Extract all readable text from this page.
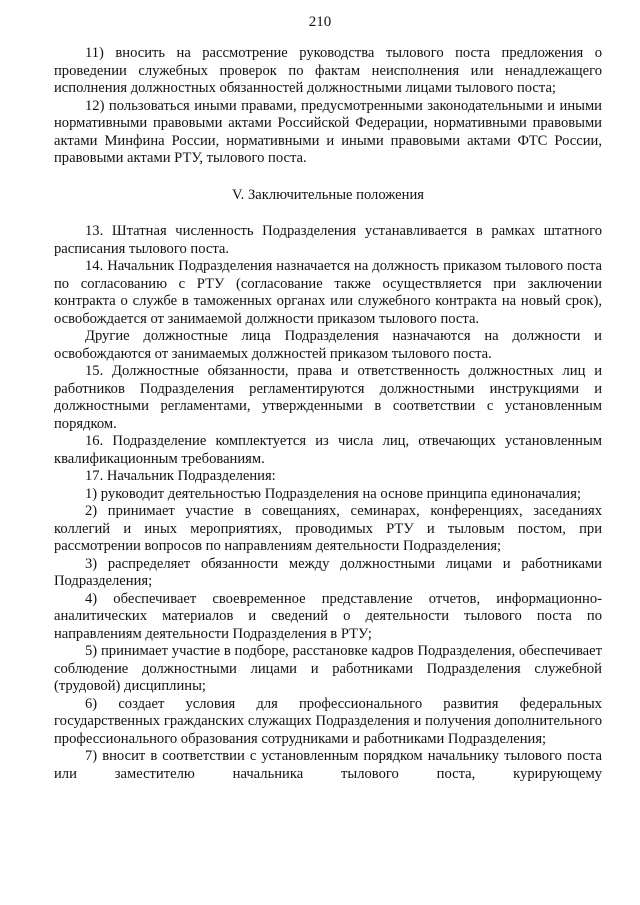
210

11) вносить на рассмотрение руководства тылового поста предложения о проведении служебных проверок по фактам неисполнения или ненадлежащего исполнения должностных обязанностей должностными лицами тылового поста;

12) пользоваться иными правами, предусмотренными законодательными и иными нормативными правовыми актами Российской Федерации, нормативными правовыми актами Минфина России, нормативными и иными правовыми актами ФТС России, правовыми актами РТУ, тылового поста.

V. Заключительные положения

13. Штатная численность Подразделения устанавливается в рамках штатного расписания тылового поста.

14. Начальник Подразделения назначается на должность приказом тылового поста по согласованию с РТУ (согласование также осуществляется при заключении контракта о службе в таможенных органах или служебного контракта на новый срок), освобождается от занимаемой должности приказом тылового поста.

Другие должностные лица Подразделения назначаются на должности и освобождаются от занимаемых должностей приказом тылового поста.

15. Должностные обязанности, права и ответственность должностных лиц и работников Подразделения регламентируются должностными инструкциями и должностными регламентами, утвержденными в соответствии с установленным порядком.

16. Подразделение комплектуется из числа лиц, отвечающих установленным квалификационным требованиям.

17. Начальник Подразделения:

1) руководит деятельностью Подразделения на основе принципа единоначалия;

2) принимает участие в совещаниях, семинарах, конференциях, заседаниях коллегий и иных мероприятиях, проводимых РТУ и тыловым постом, при рассмотрении вопросов по направлениям деятельности Подразделения;

3) распределяет обязанности между должностными лицами и работниками Подразделения;

4) обеспечивает своевременное представление отчетов, информационно-аналитических материалов и сведений о деятельности тылового поста по направлениям деятельности Подразделения в РТУ;

5) принимает участие в подборе, расстановке кадров Подразделения, обеспечивает соблюдение должностными лицами и работниками Подразделения служебной (трудовой) дисциплины;

6) создает условия для профессионального развития федеральных государственных гражданских служащих Подразделения и получения дополнительного профессионального образования сотрудниками и работниками Подразделения;

7) вносит в соответствии с установленным порядком начальнику тылового поста или заместителю начальника тылового поста, курирующему
